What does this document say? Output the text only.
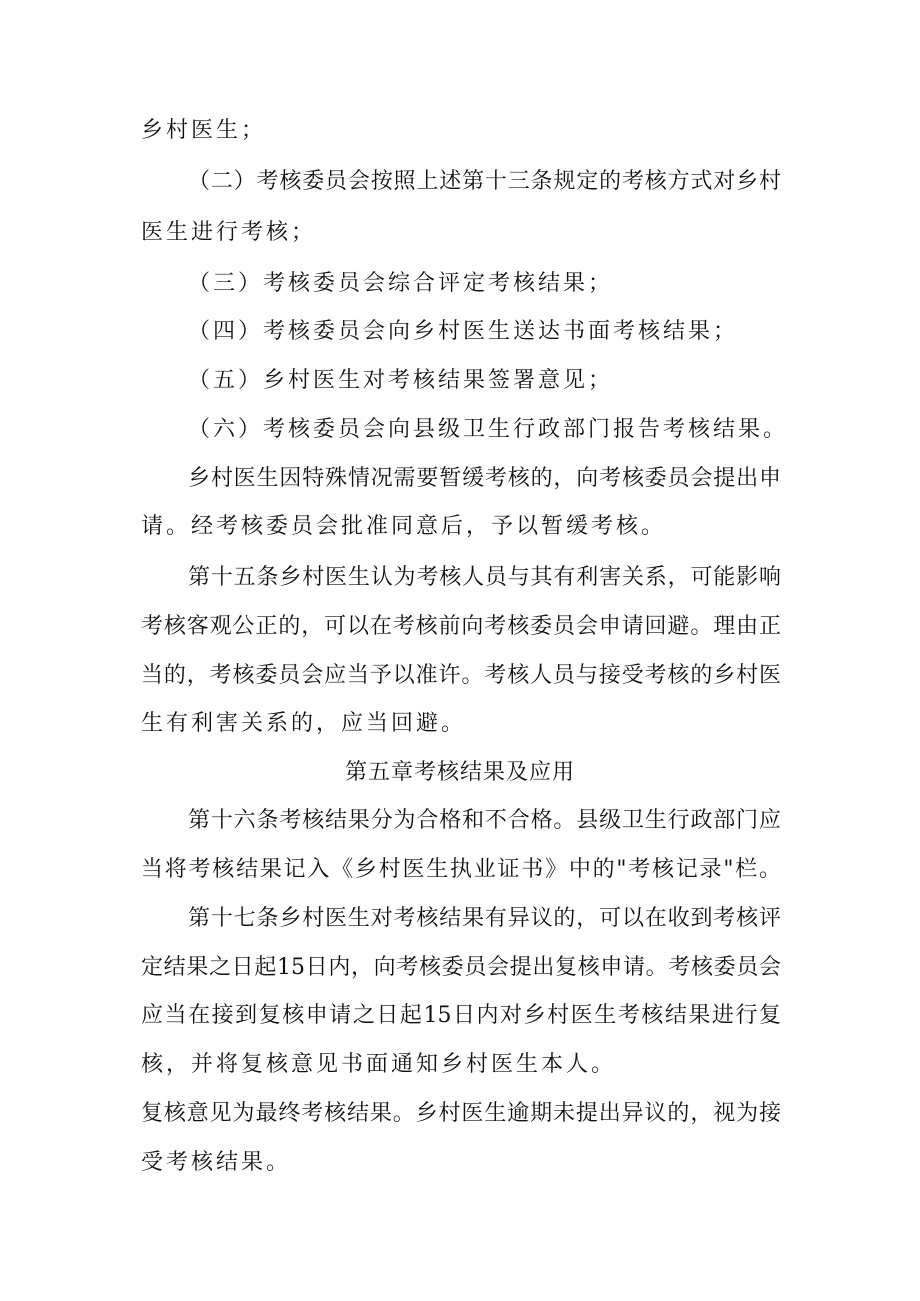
乡村医生；
（二）考核委员会按照上述第十三条规定的考核方式对乡村
医生进行考核；
（三）考核委员会综合评定考核结果；
（四）考核委员会向乡村医生送达书面考核结果；
（五）乡村医生对考核结果签署意见；
（六）考核委员会向县级卫生行政部门报告考核结果。
乡村医生因特殊情况需要暂缓考核的，向考核委员会提出申
请。经考核委员会批准同意后，予以暂缓考核。
第十五条乡村医生认为考核人员与其有利害关系，可能影响
考核客观公正的，可以在考核前向考核委员会申请回避。理由正
当的，考核委员会应当予以准许。考核人员与接受考核的乡村医
生有利害关系的，应当回避。
第五章考核结果及应用
第十六条考核结果分为合格和不合格。县级卫生行政部门应
当将考核结果记入《乡村医生执业证书》中的"考核记录"栏。
第十七条乡村医生对考核结果有异议的，可以在收到考核评
定结果之日起15日内，向考核委员会提出复核申请。考核委员会
应当在接到复核申请之日起15日内对乡村医生考核结果进行复
核，并将复核意见书面通知乡村医生本人。
复核意见为最终考核结果。乡村医生逾期未提出异议的，视为接
受考核结果。
